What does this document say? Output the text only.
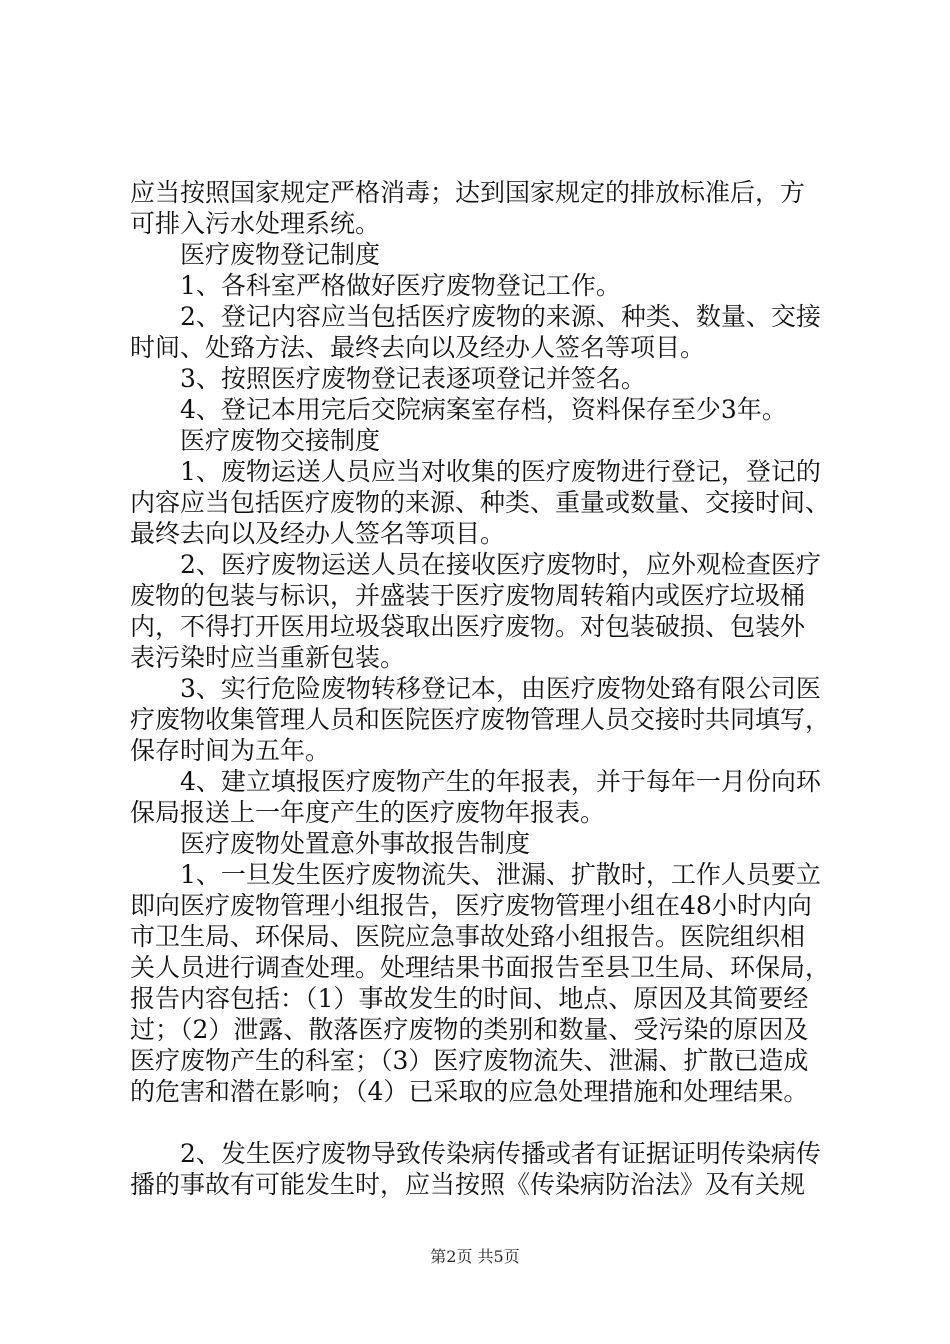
应当按照国家规定严格消毒；达到国家规定的排放标准后，方
可排入污水处理系统。
医疗废物登记制度
1、各科室严格做好医疗废物登记工作。
2、登记内容应当包括医疗废物的来源、种类、数量、交接
时间、处臵方法、最终去向以及经办人签名等项目。
3、按照医疗废物登记表逐项登记并签名。
4、登记本用完后交院病案室存档，资料保存至少3年。
医疗废物交接制度
1、废物运送人员应当对收集的医疗废物进行登记，登记的
内容应当包括医疗废物的来源、种类、重量或数量、交接时间、
最终去向以及经办人签名等项目。
2、医疗废物运送人员在接收医疗废物时，应外观检查医疗
废物的包装与标识，并盛装于医疗废物周转箱内或医疗垃圾桶
内，不得打开医用垃圾袋取出医疗废物。对包装破损、包装外
表污染时应当重新包装。
3、实行危险废物转移登记本，由医疗废物处臵有限公司医
疗废物收集管理人员和医院医疗废物管理人员交接时共同填写，
保存时间为五年。
4、建立填报医疗废物产生的年报表，并于每年一月份向环
保局报送上一年度产生的医疗废物年报表。
医疗废物处置意外事故报告制度
1、一旦发生医疗废物流失、泄漏、扩散时，工作人员要立
即向医疗废物管理小组报告，医疗废物管理小组在48小时内向
市卫生局、环保局、医院应急事故处臵小组报告。医院组织相
关人员进行调查处理。处理结果书面报告至县卫生局、环保局，
报告内容包括：（1）事故发生的时间、地点、原因及其简要经
过；（2）泄露、散落医疗废物的类别和数量、受污染的原因及
医疗废物产生的科室；（3）医疗废物流失、泄漏、扩散已造成
的危害和潜在影响；（4）已采取的应急处理措施和处理结果。
2、发生医疗废物导致传染病传播或者有证据证明传染病传
播的事故有可能发生时，应当按照《传染病防治法》及有关规
第2页 共5页
